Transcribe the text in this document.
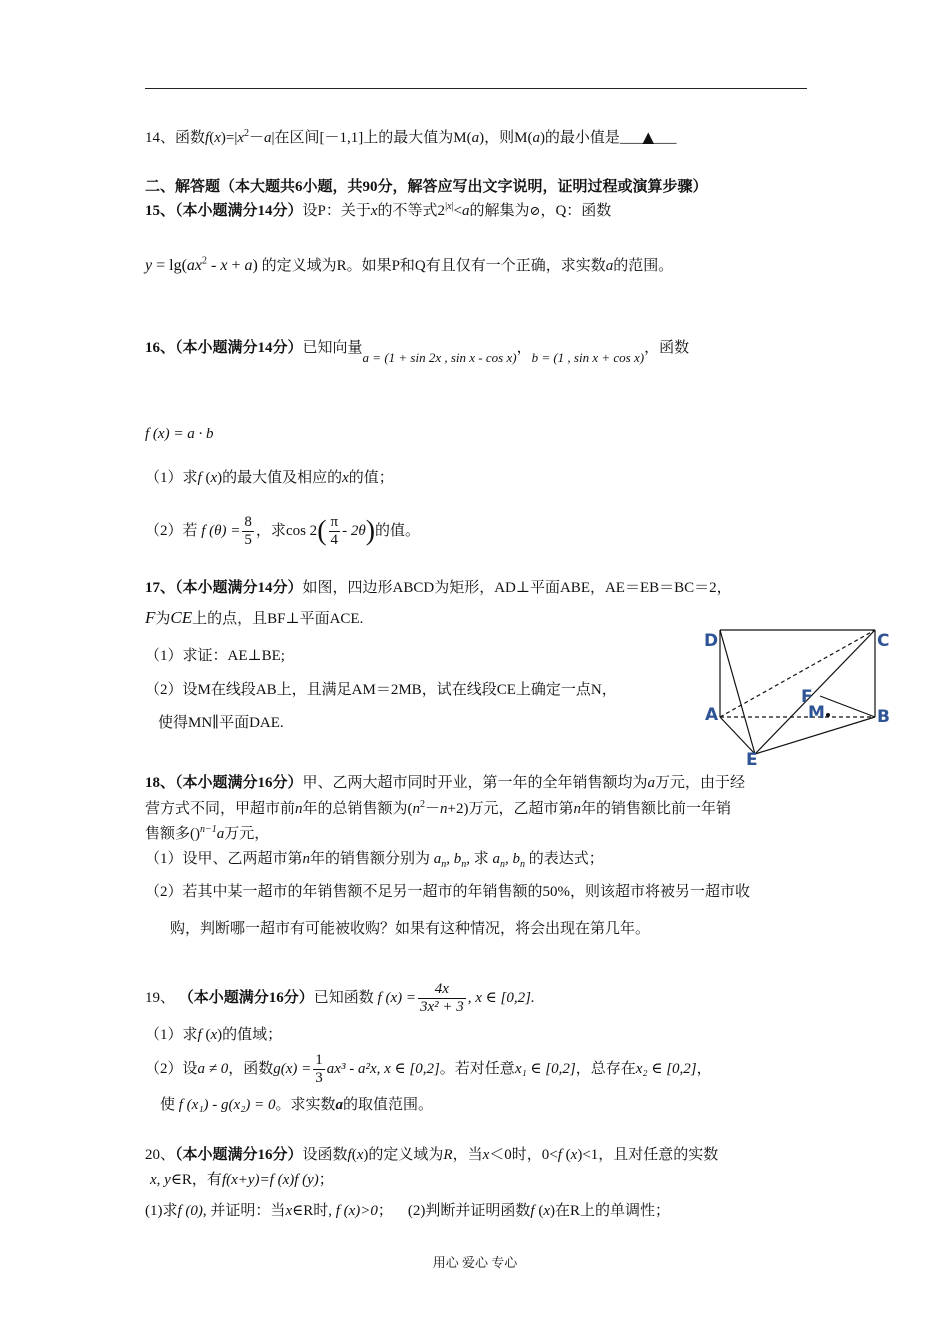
14、函数$f(x)=|x^2-a|$在区间[－1,1]上的最大值为M(a)，则M(a)的最小值是___▲___
二、解答题（本大题共6小题，共90分，解答应写出文字说明，证明过程或演算步骤）
15、（本小题满分14分）设P：关于x的不等式$2^{|x|}<a$的解集为⊘，Q：函数
$y = \lg(ax^2 - x + a)$ 的定义域为R。如果P和Q有且仅有一个正确，求实数a的范围。
16、（本小题满分14分）已知向量a = (1 + sin 2x , sin x - cos x)，b = (1 , sin x + cos x)，函数
f (x) = a · b
（1）求f (x)的最大值及相应的x的值；
（2）若 f $(\theta) = \frac{8}{5}$ ，求$\cos 2( \frac{\pi}{4} - 2\theta)$的值。
17、（本小题满分14分）如图，四边形ABCD为矩形，AD⊥平面ABE，AE＝EB＝BC＝2，
F为CE上的点，且BF⊥平面ACE.
（1）求证：AE⊥BE;
（2）设M在线段AB上，且满足AM＝2MB，试在线段CE上确定一点N，
使得MN∥平面DAE.
D	C
A	B
E
F
M
18、（本小题满分16分）甲、乙两大超市同时开业，第一年的全年销售额均为a万元，由于经
营方式不同，甲超市前n年的总销售额为$(n^2-n+2)$万元，乙超市第n年的销售额比前一年销
售额多()$^{n-1}$a万元，
（1）设甲、乙两超市第n年的销售额分别为 $a_n$, $b_n$, 求 $a_n$, $b_n$ 的表达式；
（2）若其中某一超市的年销售额不足另一超市的年销售额的50%，则该超市将被另一超市收
购，判断哪一超市有可能被收购？如果有这种情况，将会出现在第几年。
19、 （本小题满分16分）已知函数 f $(x) = \frac{4x}{\text{3x² + 3}}$ , x ∈ [0,2].
（1）求f (x)的值域；
（2）设a ≠ 0，函数$g(x) = \frac{1}{3} ax^3 - a^2x$, x ∈ [0,2]。若对任意x₁ ∈ [0,2]，总存在x₂ ∈ [0,2]，
使 f (x₁) - g(x₂) = 0。求实数a的取值范围。
20、（本小题满分16分）设函数f(x)的定义域为R，当x＜0时，0<f (x)<1，且对任意的实数
x, y∈R，有f(x+y)=f (x)f (y)；
(1)求f (0), 并证明：当x∈R时, f (x)>0； (2)判断并证明函数f (x)在R上的单调性；
用心 爱心 专心
